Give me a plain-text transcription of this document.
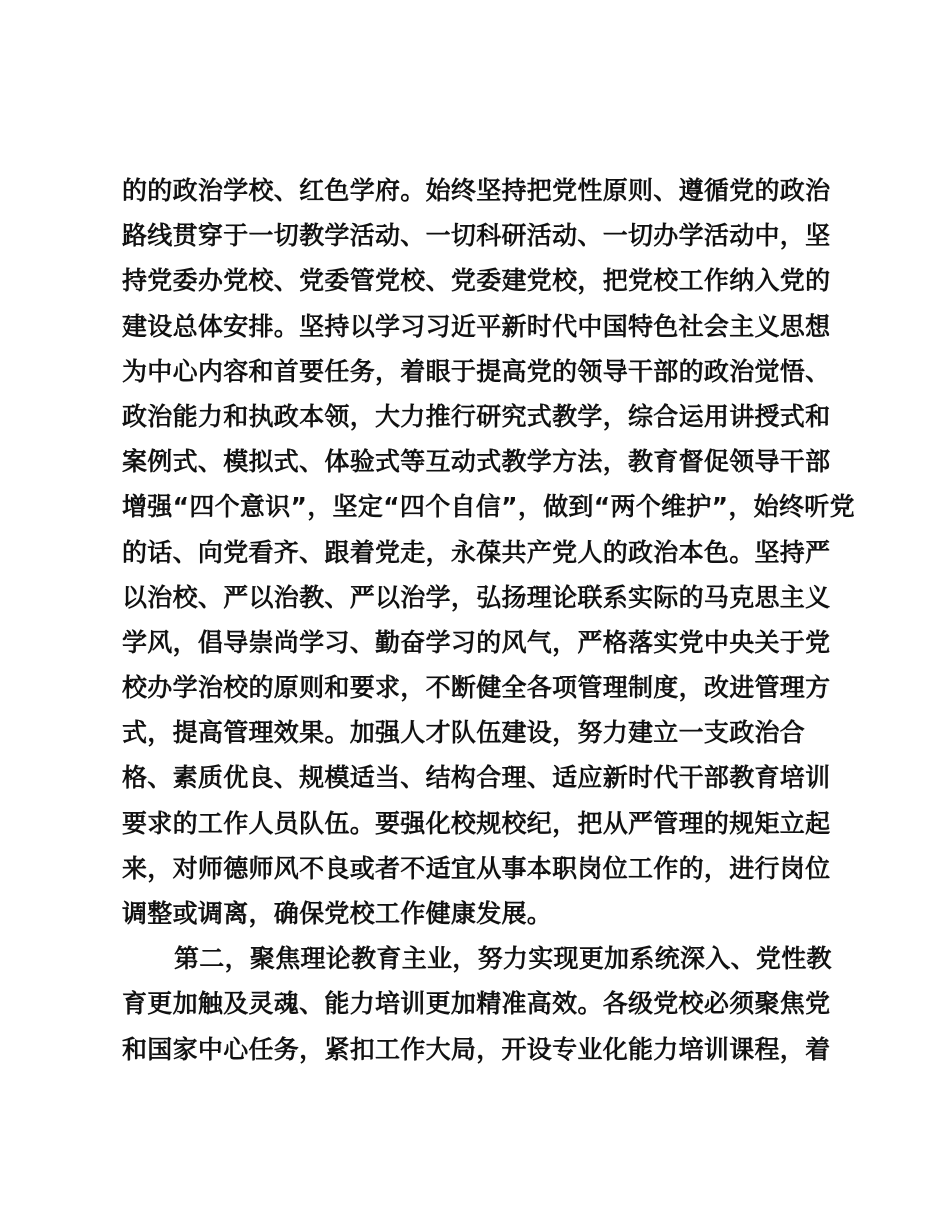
的的政治学校、红色学府。始终坚持把党性原则、遵循党的政治
路线贯穿于一切教学活动、一切科研活动、一切办学活动中，坚
持党委办党校、党委管党校、党委建党校，把党校工作纳入党的
建设总体安排。坚持以学习习近平新时代中国特色社会主义思想
为中心内容和首要任务，着眼于提高党的领导干部的政治觉悟、
政治能力和执政本领，大力推行研究式教学，综合运用讲授式和
案例式、模拟式、体验式等互动式教学方法，教育督促领导干部
增强“四个意识”，坚定“四个自信”，做到“两个维护”，始终听党
的话、向党看齐、跟着党走，永葆共产党人的政治本色。坚持严
以治校、严以治教、严以治学，弘扬理论联系实际的马克思主义
学风，倡导崇尚学习、勤奋学习的风气，严格落实党中央关于党
校办学治校的原则和要求，不断健全各项管理制度，改进管理方
式，提高管理效果。加强人才队伍建设，努力建立一支政治合
格、素质优良、规模适当、结构合理、适应新时代干部教育培训
要求的工作人员队伍。要强化校规校纪，把从严管理的规矩立起
来，对师德师风不良或者不适宜从事本职岗位工作的，进行岗位
调整或调离，确保党校工作健康发展。
第二，聚焦理论教育主业，努力实现更加系统深入、党性教
育更加触及灵魂、能力培训更加精准高效。各级党校必须聚焦党
和国家中心任务，紧扣工作大局，开设专业化能力培训课程，着
